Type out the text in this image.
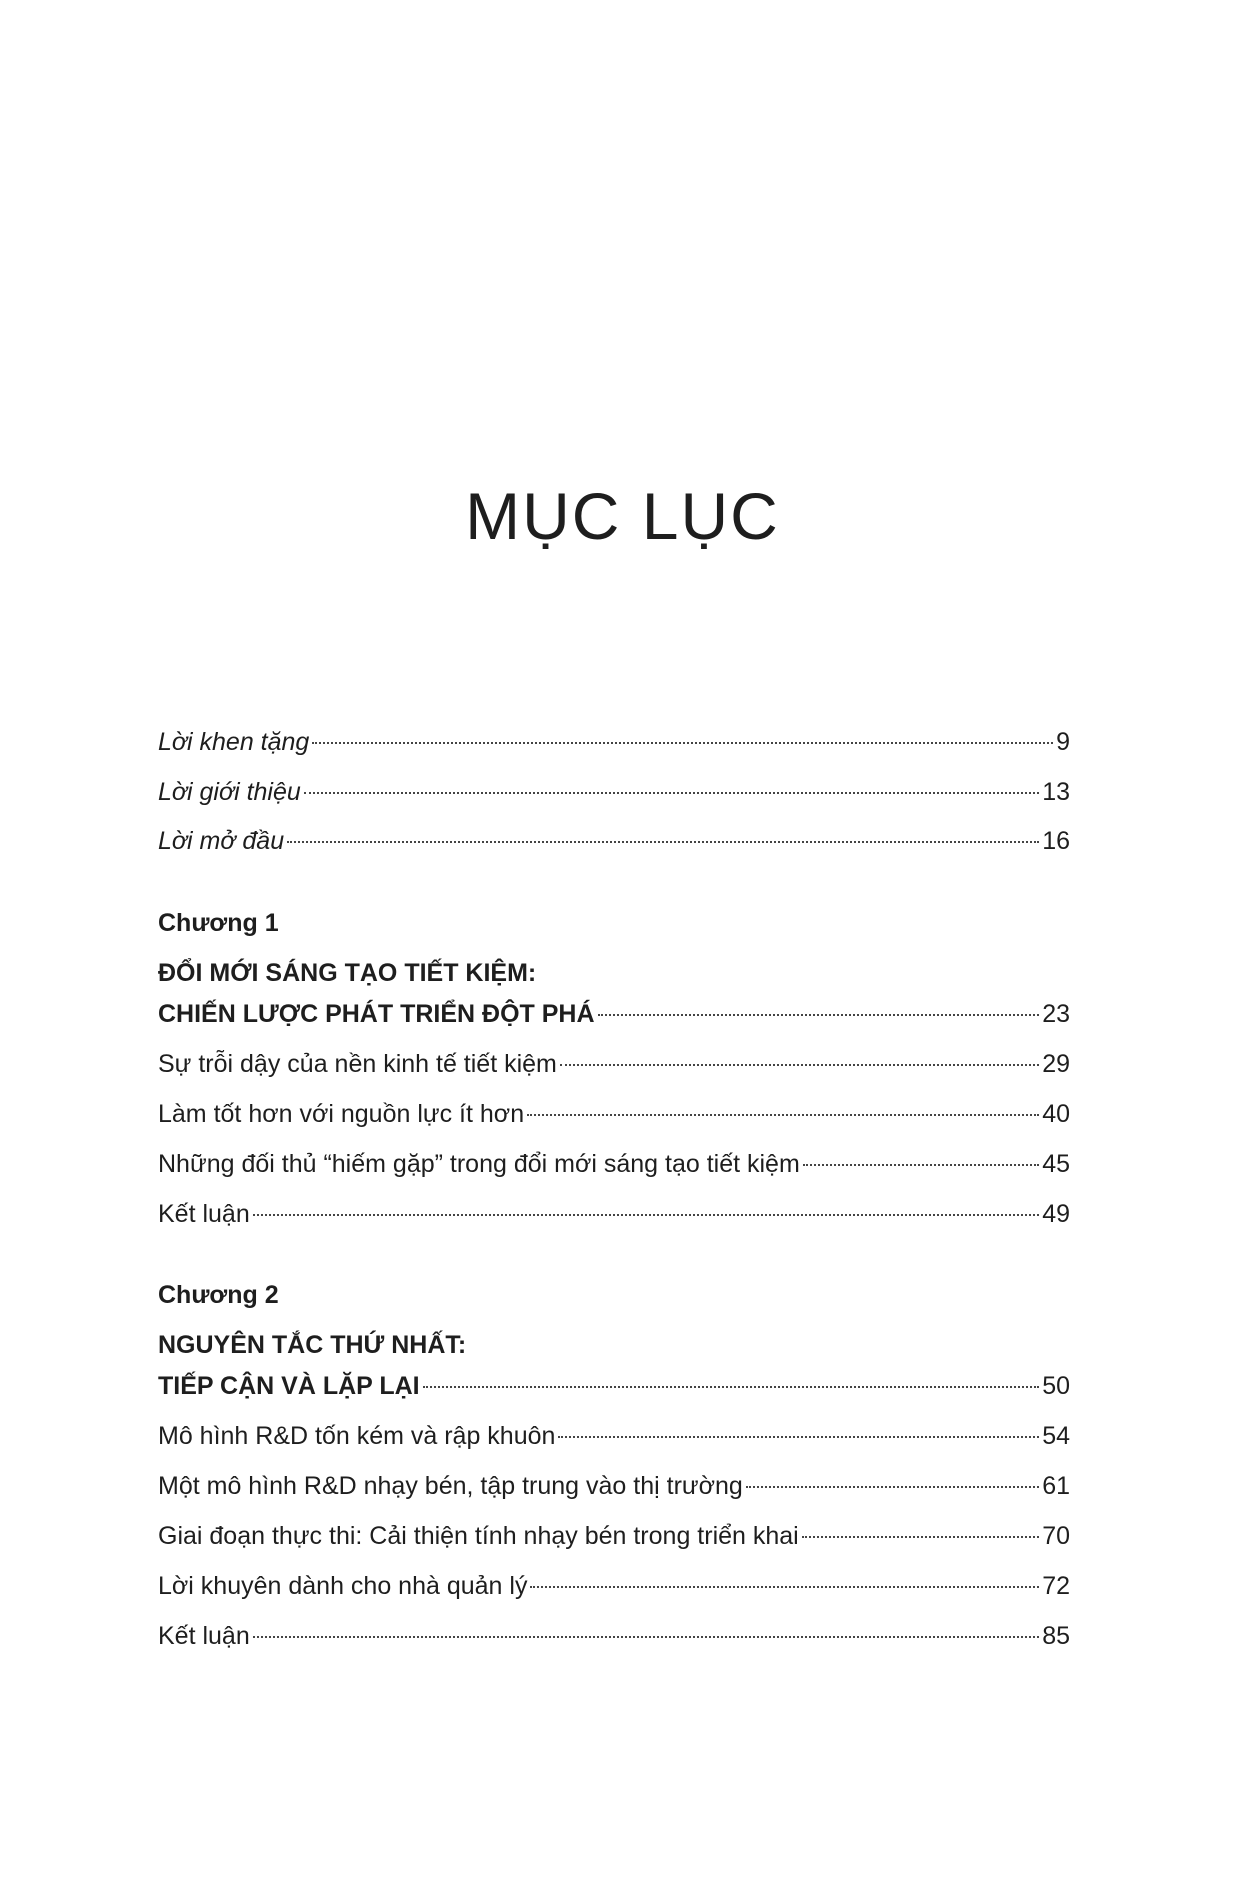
MỤC LỤC
Lời khen tặng	9
Lời giới thiệu	13
Lời mở đầu	16
Chương 1
ĐỔI MỚI SÁNG TẠO TIẾT KIỆM:
CHIẾN LƯỢC PHÁT TRIỂN ĐỘT PHÁ	23
Sự trỗi dậy của nền kinh tế tiết kiệm	29
Làm tốt hơn với nguồn lực ít hơn	40
Những đối thủ “hiếm gặp” trong đổi mới sáng tạo tiết kiệm	45
Kết luận	49
Chương 2
NGUYÊN TẮC THỨ NHẤT:
TIẾP CẬN VÀ LẶP LẠI	50
Mô hình R&D tốn kém và rập khuôn	54
Một mô hình R&D nhạy bén, tập trung vào thị trường	61
Giai đoạn thực thi: Cải thiện tính nhạy bén trong triển khai	70
Lời khuyên dành cho nhà quản lý	72
Kết luận	85
